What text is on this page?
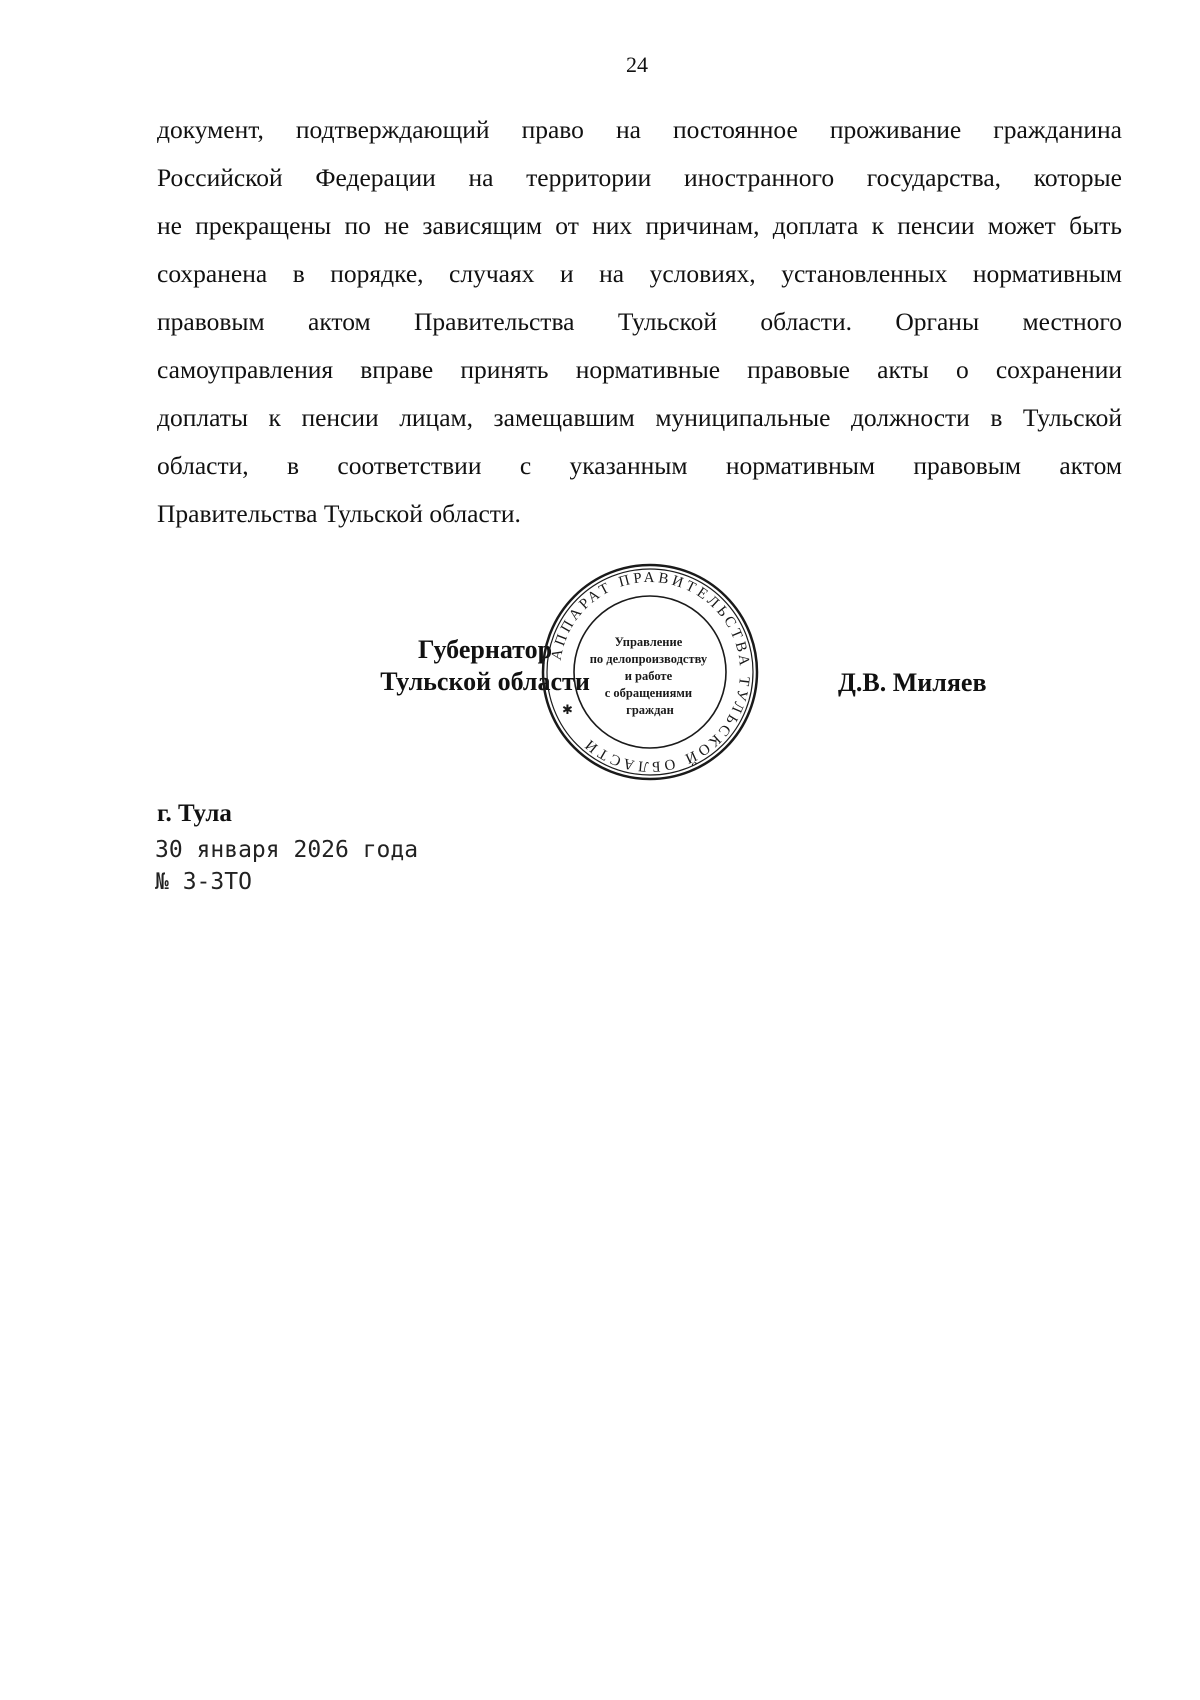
24
документ, подтверждающий право на постоянное проживание гражданина
Российской Федерации на территории иностранного государства, которые
не прекращены по не зависящим от них причинам, доплата к пенсии может быть
сохранена в порядке, случаях и на условиях, установленных нормативным
правовым актом Правительства Тульской области. Органы местного
самоуправления вправе принять нормативные правовые акты о сохранении
доплаты к пенсии лицам, замещавшим муниципальные должности в Тульской
области, в соответствии с указанным нормативным правовым актом
Правительства Тульской области.
Губернатор
Тульской области
АППАРАТ ПРАВИТЕЛЬСТВА ТУЛЬСКОЙ ОБЛАСТИ
✱
Управление по делопроизводству и работе с обращениями граждан
Д.В. Миляев
г. Тула
30 января 2026 года
№ 3-ЗТО
